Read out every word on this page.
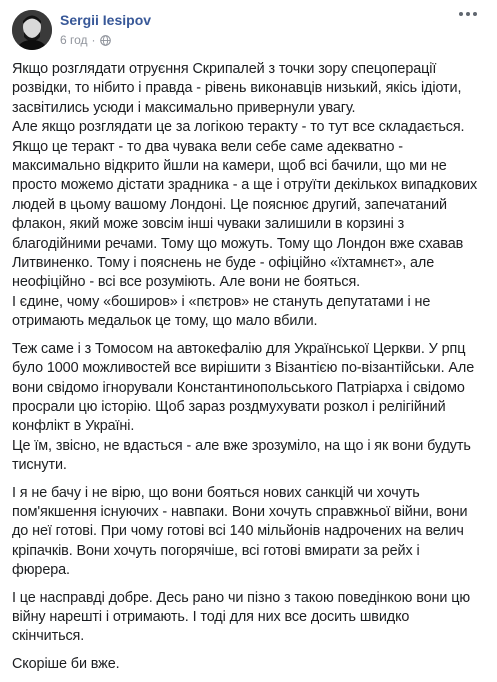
Sergii Iesipov
6 год ·

Якщо розглядати отруєння Скрипалей з точки зору спецоперації розвідки, то нібито і правда - рівень виконавців низький, якісь ідіоти, засвітились усюди і максимально привернули увагу.
Але якщо розглядати це за логікою теракту - то тут все складається.
Якщо це теракт - то два чувака вели себе саме адекватно - максимально відкрито йшли на камери, щоб всі бачили, що ми не просто можемо дістати зрадника - а ще і отруїти декількох випадкових людей в цьому вашому Лондоні. Це пояснює другий, запечатаний флакон, який може зовсім інші чуваки залишили в корзині з благодійними речами. Тому що можуть. Тому що Лондон вже схавав Литвиненко. Тому і пояснень не буде - офіційно «їхтамнєт», але неофіційно - всі все розуміють. Але вони не бояться.
І єдине, чому «боширов» і «пєтров» не стануть депутатами і не отримають медальок це тому, що мало вбили.

Теж саме і з Томосом на автокефалію для Української Церкви. У рпц було 1000 можливостей все вирішити з Візантією по-візантійськи. Але вони свідомо ігнорували Константинопольського Патріарха і свідомо просрали цю історію. Щоб зараз роздмухувати розкол і релігійний конфлікт в Україні.
Це їм, звісно, не вдасться - але вже зрозуміло, на що і як вони будуть тиснути.

І я не бачу і не вірю, що вони бояться нових санкцій чи хочуть пом'якшення існуючих - навпаки. Вони хочуть справжньої війни, вони до неї готові. При чому готові всі 140 мільйонів надрочених на велич кріпачків. Вони хочуть погорячіше, всі готові вмирати за рейх і фюрера.

І це насправді добре. Десь рано чи пізно з такою поведінкою вони цю війну нарешті і отримають. І тоді для них все досить швидко скінчиться.

Скоріше би вже.
